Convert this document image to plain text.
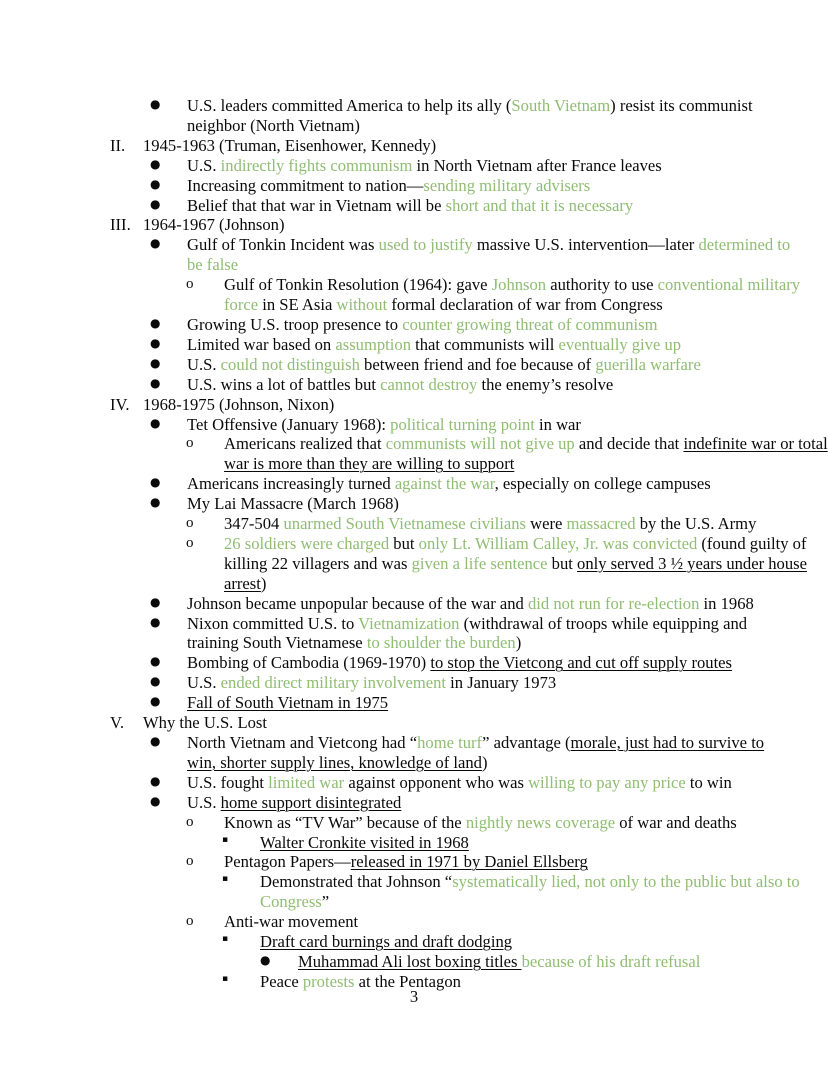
●	U.S. leaders committed America to help its ally (South Vietnam) resist its communist neighbor (North Vietnam)
II.	1945-1963 (Truman, Eisenhower, Kennedy)
●	U.S. indirectly fights communism in North Vietnam after France leaves
●	Increasing commitment to nation—sending military advisers
●	Belief that that war in Vietnam will be short and that it is necessary
III. 1964-1967 (Johnson)
●	Gulf of Tonkin Incident was used to justify massive U.S. intervention—later determined to be false
o	Gulf of Tonkin Resolution (1964): gave Johnson authority to use conventional military force in SE Asia without formal declaration of war from Congress
●	Growing U.S. troop presence to counter growing threat of communism
●	Limited war based on assumption that communists will eventually give up
●	U.S. could not distinguish between friend and foe because of guerilla warfare
●	U.S. wins a lot of battles but cannot destroy the enemy’s resolve
IV. 1968-1975 (Johnson, Nixon)
●	Tet Offensive (January 1968): political turning point in war
o	Americans realized that communists will not give up and decide that indefinite war or total war is more than they are willing to support
●	Americans increasingly turned against the war, especially on college campuses
●	My Lai Massacre (March 1968)
o	347-504 unarmed South Vietnamese civilians were massacred by the U.S. Army
o	26 soldiers were charged but only Lt. William Calley, Jr. was convicted (found guilty of killing 22 villagers and was given a life sentence but only served 3 ½ years under house arrest)
●	Johnson became unpopular because of the war and did not run for re-election in 1968
●	Nixon committed U.S. to Vietnamization (withdrawal of troops while equipping and training South Vietnamese to shoulder the burden)
●	Bombing of Cambodia (1969-1970) to stop the Vietcong and cut off supply routes
●	U.S. ended direct military involvement in January 1973
●	Fall of South Vietnam in 1975
V.	Why the U.S. Lost
●	North Vietnam and Vietcong had “home turf” advantage (morale, just had to survive to win, shorter supply lines, knowledge of land)
●	U.S. fought limited war against opponent who was willing to pay any price to win
●	U.S. home support disintegrated
o	Known as “TV War” because of the nightly news coverage of war and deaths
▪	Walter Cronkite visited in 1968
o	Pentagon Papers—released in 1971 by Daniel Ellsberg
▪	Demonstrated that Johnson “systematically lied, not only to the public but also to Congress”
o	Anti-war movement
▪	Draft card burnings and draft dodging
●	Muhammad Ali lost boxing titles because of his draft refusal
▪	Peace protests at the Pentagon
3
